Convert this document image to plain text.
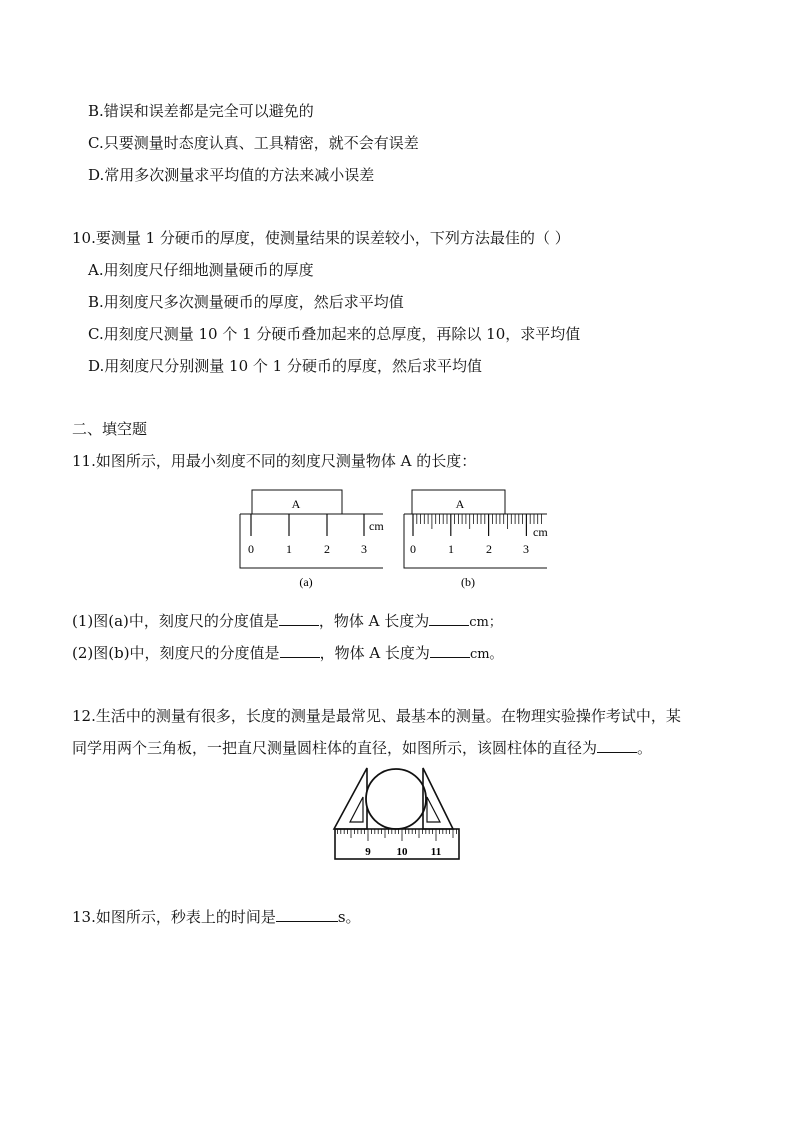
B.错误和误差都是完全可以避免的
C.只要测量时态度认真、工具精密，就不会有误差
D.常用多次测量求平均值的方法来减小误差
10.要测量 1 分硬币的厚度，使测量结果的误差较小，下列方法最佳的（ ）
A.用刻度尺仔细地测量硬币的厚度
B.用刻度尺多次测量硬币的厚度，然后求平均值
C.用刻度尺测量 10 个 1 分硬币叠加起来的总厚度，再除以 10，求平均值
D.用刻度尺分别测量 10 个 1 分硬币的厚度，然后求平均值
二、填空题
11.如图所示，用最小刻度不同的刻度尺测量物体 A 的长度：
A
0	1	2	3
cm
(a)
A
0	1	2	3
cm
(b)
(1)图(a)中，刻度尺的分度值是	，物体 A 长度为	cm；
(2)图(b)中，刻度尺的分度值是	，物体 A 长度为	cm。
12.生活中的测量有很多，长度的测量是最常见、最基本的测量。在物理实验操作考试中，某
同学用两个三角板，一把直尺测量圆柱体的直径，如图所示，该圆柱体的直径为	。
9 10 11
13.如图所示，秒表上的时间是	s。
